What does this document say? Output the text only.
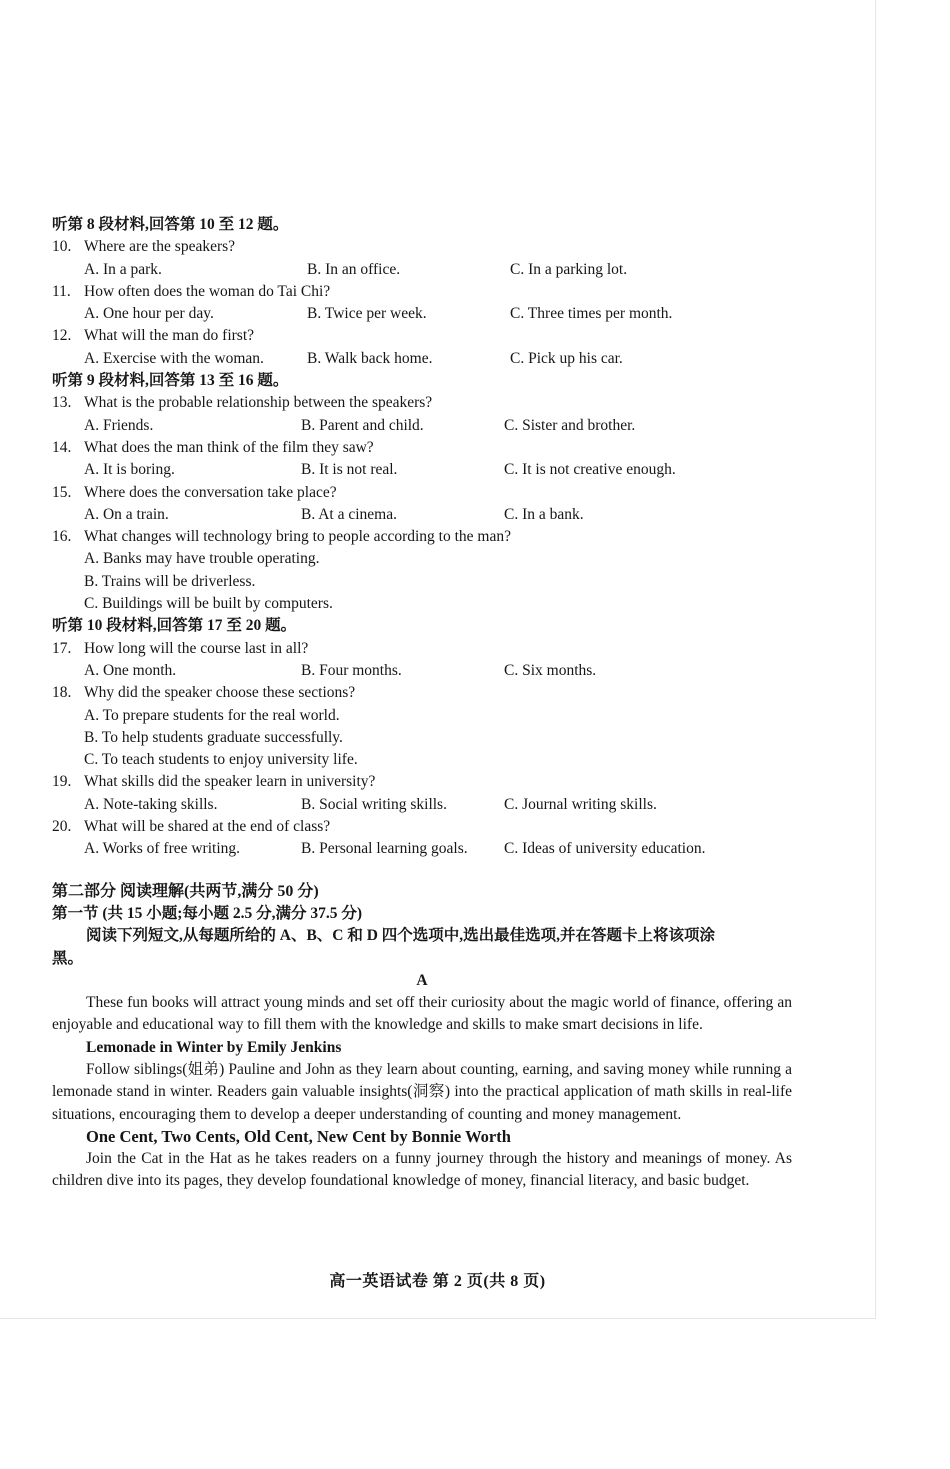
听第 8 段材料,回答第 10 至 12 题。
10. Where are the speakers?
A. In a park.	B. In an office.	C. In a parking lot.
11. How often does the woman do Tai Chi?
A. One hour per day.	B. Twice per week.	C. Three times per month.
12. What will the man do first?
A. Exercise with the woman.	B. Walk back home.	C. Pick up his car.
听第 9 段材料,回答第 13 至 16 题。
13. What is the probable relationship between the speakers?
A. Friends.	B. Parent and child.	C. Sister and brother.
14. What does the man think of the film they saw?
A. It is boring.	B. It is not real.	C. It is not creative enough.
15. Where does the conversation take place?
A. On a train.	B. At a cinema.	C. In a bank.
16. What changes will technology bring to people according to the man?
A. Banks may have trouble operating.
B. Trains will be driverless.
C. Buildings will be built by computers.
听第 10 段材料,回答第 17 至 20 题。
17. How long will the course last in all?
A. One month.	B. Four months.	C. Six months.
18. Why did the speaker choose these sections?
A. To prepare students for the real world.
B. To help students graduate successfully.
C. To teach students to enjoy university life.
19. What skills did the speaker learn in university?
A. Note-taking skills.	B. Social writing skills.	C. Journal writing skills.
20. What will be shared at the end of class?
A. Works of free writing.	B. Personal learning goals. C. Ideas of university education.
第二部分 阅读理解(共两节,满分 50 分)
第一节 (共 15 小题;每小题 2.5 分,满分 37.5 分)
阅读下列短文,从每题所给的 A、B、C 和 D 四个选项中,选出最佳选项,并在答题卡上将该项涂
黑。
A

These fun books will attract young minds and set off their curiosity about the magic world of finance, offering an enjoyable and educational way to fill them with the knowledge and skills to make smart decisions in life.

Lemonade in Winter by Emily Jenkins

Follow siblings(姐弟) Pauline and John as they learn about counting, earning, and saving money while running a lemonade stand in winter. Readers gain valuable insights(洞察) into the practical application of math skills in real-life situations, encouraging them to develop a deeper understanding of counting and money management.

One Cent, Two Cents, Old Cent, New Cent by Bonnie Worth

Join the Cat in the Hat as he takes readers on a funny journey through the history and meanings of money. As children dive into its pages, they develop foundational knowledge of money, financial literacy, and basic budget.

高一英语试卷 第 2 页(共 8 页)
